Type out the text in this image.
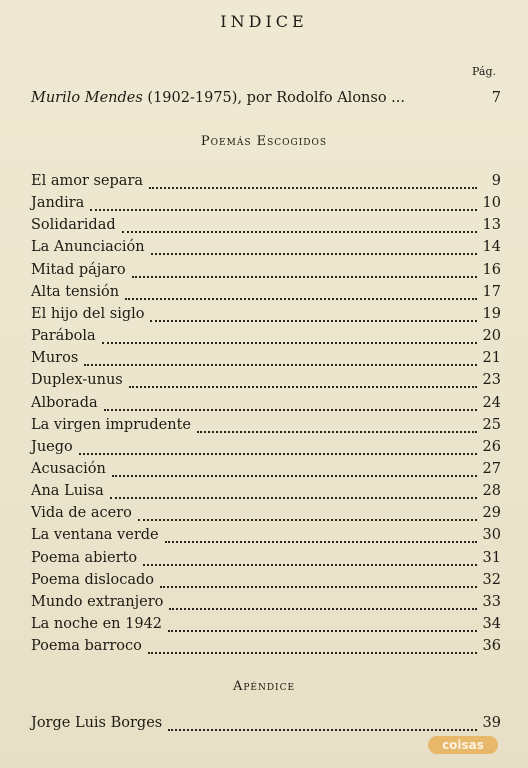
INDICE
Pág.
Murilo Mendes (1902-1975), por Rodolfo Alonso ...	7
Poemás Escogidos
El amor separa	9
Jandira	10
Solidaridad	13
La Anunciación	14
Mitad pájaro	16
Alta tensión	17
El hijo del siglo	19
Parábola	20
Muros	21
Duplex-unus	23
Alborada	24
La virgen imprudente	25
Juego	26
Acusación	27
Ana Luisa	28
Vida de acero	29
La ventana verde	30
Poema abierto	31
Poema dislocado	32
Mundo extranjero	33
La noche en 1942	34
Poema barroco	36
Apéndice
Jorge Luis Borges	39
coisas
